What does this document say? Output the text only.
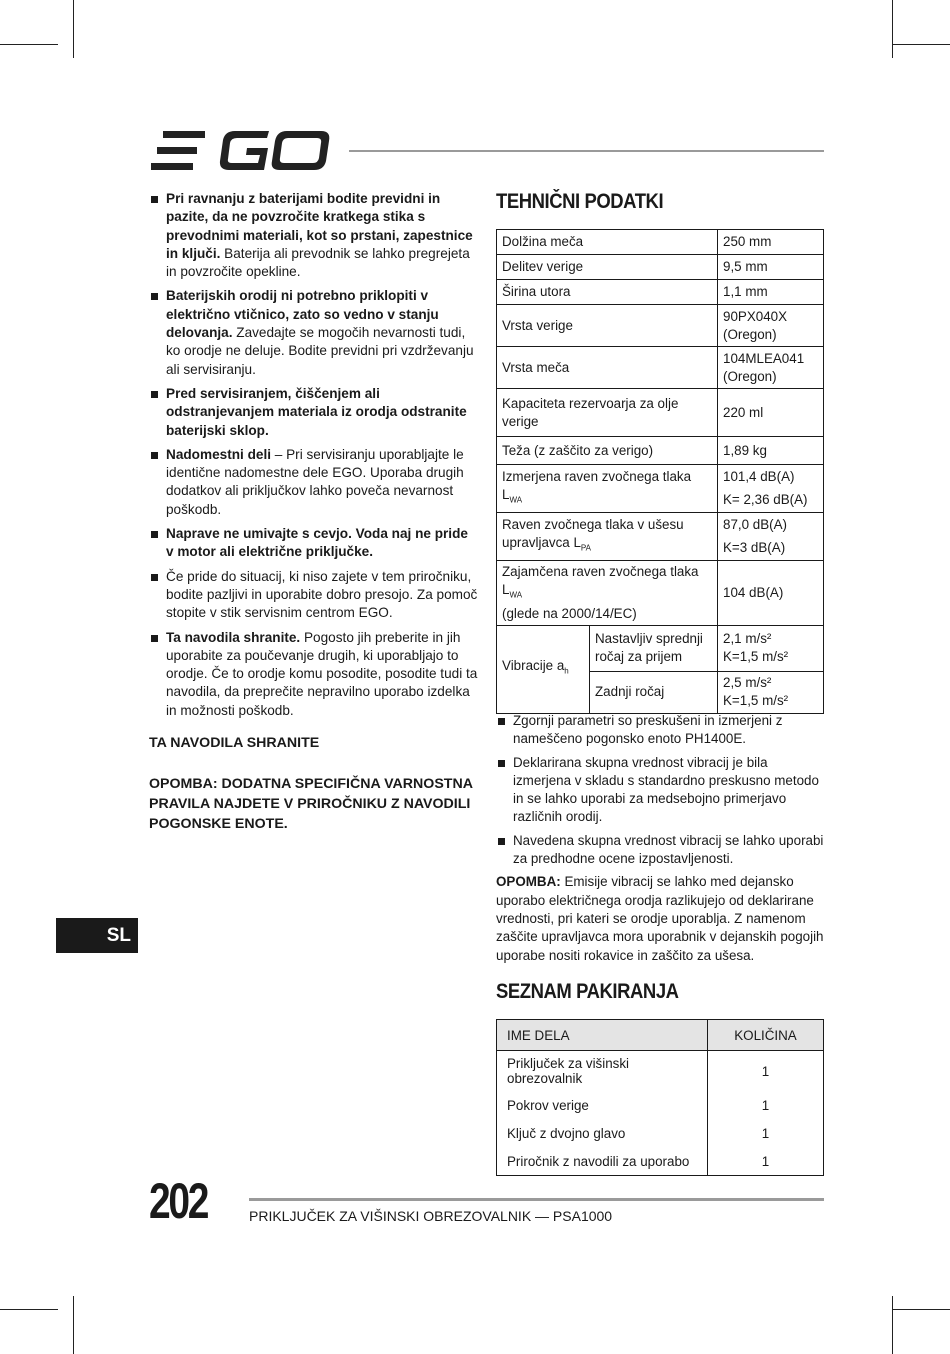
Pri ravnanju z baterijami bodite previdni in pazite, da ne povzročite kratkega stika s prevodnimi materiali, kot so prstani, zapestnice in ključi. Baterija ali prevodnik se lahko pregrejeta in povzročite opekline.
Baterijskih orodij ni potrebno priklopiti v električno vtičnico, zato so vedno v stanju delovanja. Zavedajte se mogočih nevarnosti tudi, ko orodje ne deluje. Bodite previdni pri vzdrževanju ali servisiranju.
Pred servisiranjem, čiščenjem ali odstranjevanjem materiala iz orodja odstranite baterijski sklop.
Nadomestni deli – Pri servisiranju uporabljajte le identične nadomestne dele EGO. Uporaba drugih dodatkov ali priključkov lahko poveča nevarnost poškodb.
Naprave ne umivajte s cevjo. Voda naj ne pride v motor ali električne priključke.
Če pride do situacij, ki niso zajete v tem priročniku, bodite pazljivi in uporabite dobro presojo. Za pomoč stopite v stik servisnim centrom EGO.
Ta navodila shranite. Pogosto jih preberite in jih uporabite za poučevanje drugih, ki uporabljajo to orodje. Če to orodje komu posodite, posodite tudi ta navodila, da preprečite nepravilno uporabo izdelka in možnosti poškodb.
TA NAVODILA SHRANITE
OPOMBA: DODATNA SPECIFIČNA VARNOSTNA PRAVILA NAJDETE V PRIROČNIKU Z NAVODILI POGONSKE ENOTE.
SL
TEHNIČNI PODATKI
Dolžina meča		250 mm
Delitev verige		9,5 mm
Širina utora		1,1 mm
Vrsta verige		90PX040X
(Oregon)

Vrsta meča		104MLEA041
(Oregon)

Kapaciteta rezervoarja za olje verige		220 ml
Teža (z zaščito za verigo)		1,89 kg
Izmerjena raven zvočnega tlaka $L_{WA}$		101,4 dB(A)
K= 2,36 dB(A)

Raven zvočnega tlaka v ušesu upravljavca $L_{PA}$		87,0 dB(A)
K=3 dB(A)

Zajamčena raven zvočnega tlaka $L_{WA}$
(glede na 2000/14/EC)		104 dB(A)
Vibracije $a_h$	Nastavljiv sprednji ročaj za prijem	2,1 m/s²
K=1,5 m/s²

	Zadnji ročaj	2,5 m/s²
K=1,5 m/s²
Zgornji parametri so preskušeni in izmerjeni z nameščeno pogonsko enoto PH1400E.
Deklarirana skupna vrednost vibracij je bila izmerjena v skladu s standardno preskusno metodo in se lahko uporabi za medsebojno primerjavo različnih orodij.
Navedena skupna vrednost vibracij se lahko uporabi za predhodne ocene izpostavljenosti.
OPOMBA: Emisije vibracij se lahko med dejansko uporabo električnega orodja razlikujejo od deklarirane vrednosti, pri kateri se orodje uporablja. Z namenom zaščite upravljavca mora uporabnik v dejanskih pogojih uporabe nositi rokavice in zaščito za ušesa.
SEZNAM PAKIRANJA
IME DELA	KOLIČINA
Priključek za višinski obrezovalnik	1
Pokrov verige	1
Ključ z dvojno glavo	1
Priročnik z navodili za uporabo	1
202	PRIKLJUČEK ZA VIŠINSKI OBREZOVALNIK — PSA1000
